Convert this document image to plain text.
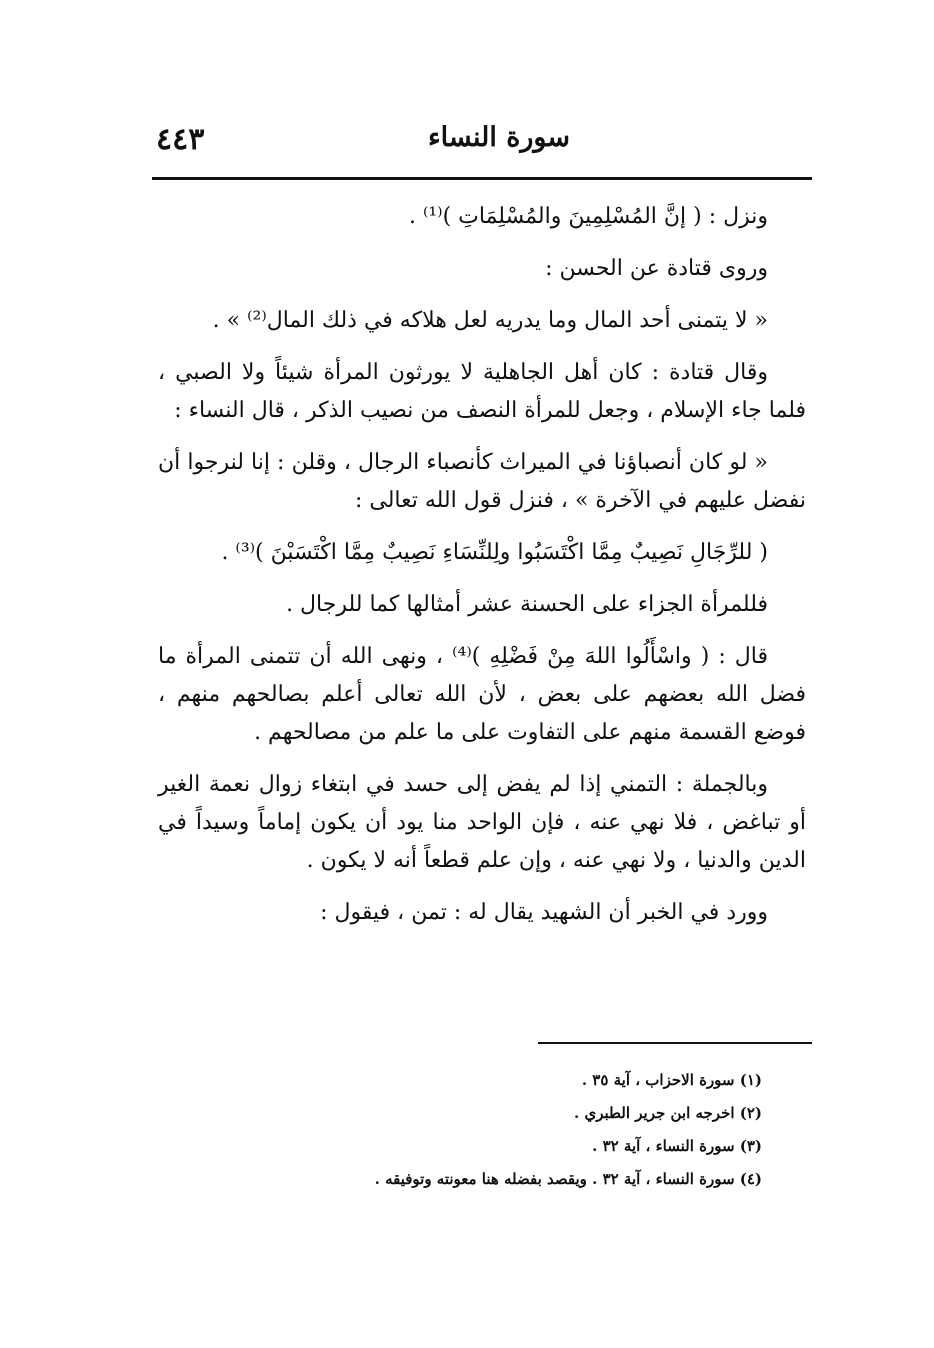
٤٤٣	سورة النساء

ونزل : ( إنَّ المُسْلِمِينَ والمُسْلِمَاتِ )⁽¹⁾ .

وروى قتادة عن الحسن :

« لا يتمنى أحد المال وما يدريه لعل هلاكه في ذلك المال⁽²⁾ » .

وقال قتادة : كان أهل الجاهلية لا يورثون المرأة شيئاً ولا الصبي ، فلما جاء الإسلام ، وجعل للمرأة النصف من نصيب الذكر ، قال النساء :

« لو كان أنصباؤنا في الميراث كأنصباء الرجال ، وقلن : إنا لنرجوا أن نفضل عليهم في الآخرة » ، فنزل قول الله تعالى :

( للرِّجَالِ نَصِيبٌ مِمَّا اكْتَسَبُوا ولِلنِّسَاءِ نَصِيبٌ مِمَّا اكْتَسَبْنَ )⁽³⁾ .

فللمرأة الجزاء على الحسنة عشر أمثالها كما للرجال .

قال : ( واسْأَلُوا اللهَ مِنْ فَضْلِهِ )⁽⁴⁾ ، ونهى الله أن تتمنى المرأة ما فضل الله بعضهم على بعض ، لأن الله تعالى أعلم بصالحهم منهم ، فوضع القسمة منهم على التفاوت على ما علم من مصالحهم .

وبالجملة : التمني إذا لم يفض إلى حسد في ابتغاء زوال نعمة الغير أو تباغض ، فلا نهي عنه ، فإن الواحد منا يود أن يكون إماماً وسيداً في الدين والدنيا ، ولا نهي عنه ، وإن علم قطعاً أنه لا يكون .

وورد في الخبر أن الشهيد يقال له : تمن ، فيقول :

(١) سورة الاحزاب ، آية ٣٥ .

(٢) اخرجه ابن جرير الطبري .

(٣) سورة النساء ، آية ٣٢ .

(٤) سورة النساء ، آية ٣٢ . ويقصد بفضله هنا معونته وتوفيقه .
